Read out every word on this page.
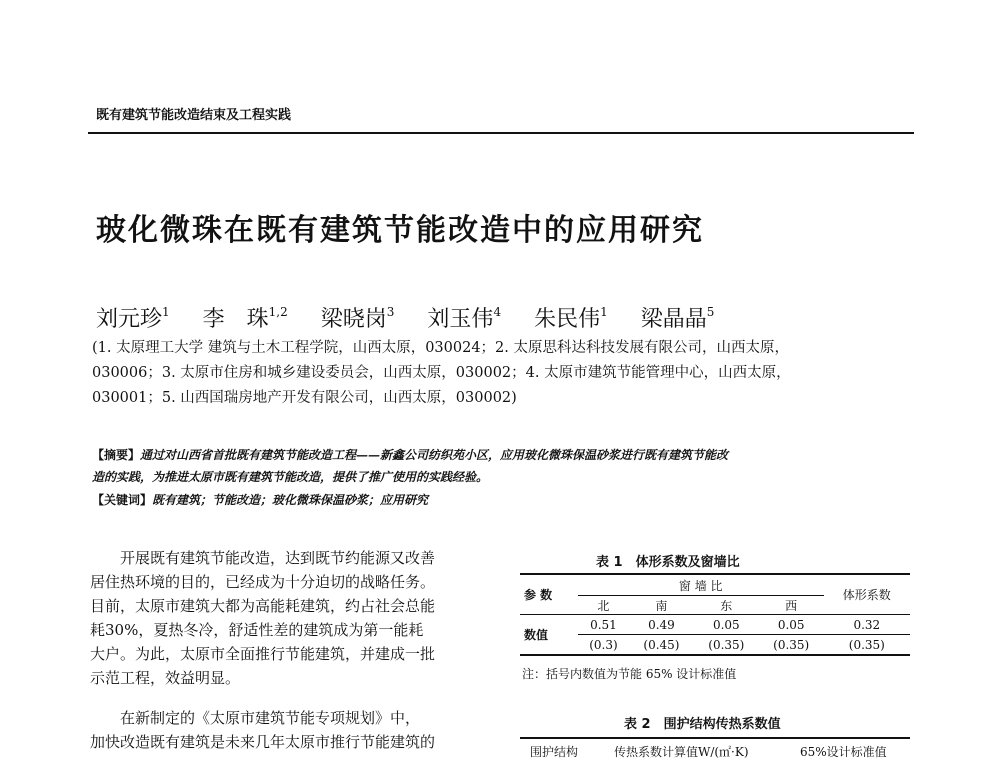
既有建筑节能改造结束及工程实践
玻化微珠在既有建筑节能改造中的应用研究
刘元珍$^1$ 李　珠$^{1,2}$ 梁晓岗$^3$ 刘玉伟$^4$ 朱民伟$^1$ 梁晶晶$^5$
(1. 太原理工大学 建筑与土木工程学院，山西太原，030024；2. 太原思科达科技发展有限公司，山西太原，
030006；3. 太原市住房和城乡建设委员会，山西太原，030002；4. 太原市建筑节能管理中心，山西太原，
030001；5. 山西国瑞房地产开发有限公司，山西太原，030002)
【摘要】通过对山西省首批既有建筑节能改造工程——新鑫公司纺织苑小区，应用玻化微珠保温砂浆进行既有建筑节能改
造的实践，为推进太原市既有建筑节能改造，提供了推广使用的实践经验。
【关键词】既有建筑；节能改造；玻化微珠保温砂浆；应用研究
　　开展既有建筑节能改造，达到既节约能源又改善
居住热环境的目的，已经成为十分迫切的战略任务。
目前，太原市建筑大都为高能耗建筑，约占社会总能
耗30%，夏热冬冷，舒适性差的建筑成为第一能耗
大户。为此，太原市全面推行节能建筑，并建成一批
示范工程，效益明显。
　　在新制定的《太原市建筑节能专项规划》中，
加快改造既有建筑是未来几年太原市推行节能建筑的
表 1　体形系数及窗墙比
参 数	窗 墙 比				体形系数
	北	南	东	西	
数值	0.51	0.49	0.05	0.05	0.32
	(0.3)	(0.45)	(0.35)	(0.35)	(0.35)
注：括号内数值为节能 65% 设计标准值
表 2　围护结构传热系数值
围护结构	传热系数计算值W/(㎡·K)	65%设计标准值
